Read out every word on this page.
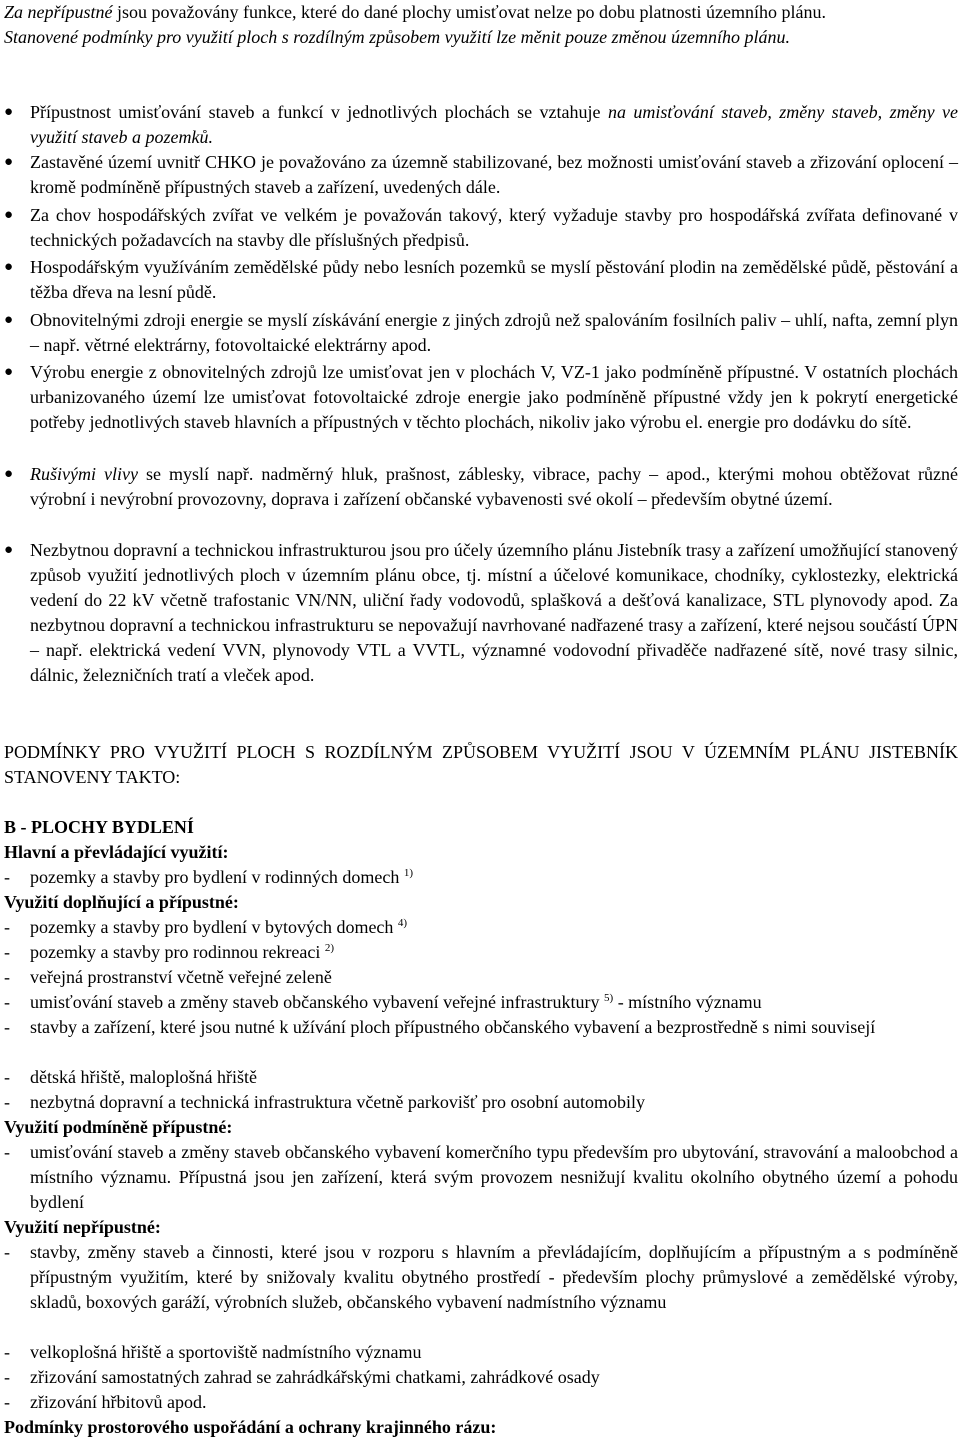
Za nepřípustné jsou považovány funkce, které do dané plochy umisťovat nelze po dobu platnosti územního plánu.
Stanovené podmínky pro využití ploch s rozdílným způsobem využití lze měnit pouze změnou územního plánu.
● Přípustnost umisťování staveb a funkcí v jednotlivých plochách se vztahuje na umisťování staveb, změny staveb, změny ve využití staveb a pozemků.
● Zastavěné území uvnitř CHKO je považováno za územně stabilizované, bez možnosti umisťování staveb a zřizování oplocení – kromě podmíněně přípustných staveb a zařízení, uvedených dále.
● Za chov hospodářských zvířat ve velkém je považován takový, který vyžaduje stavby pro hospodářská zvířata definované v technických požadavcích na stavby dle příslušných předpisů.
● Hospodářským využíváním zemědělské půdy nebo lesních pozemků se myslí pěstování plodin na zemědělské půdě, pěstování a těžba dřeva na lesní půdě.
● Obnovitelnými zdroji energie se myslí získávání energie z jiných zdrojů než spalováním fosilních paliv – uhlí, nafta, zemní plyn – např. větrné elektrárny, fotovoltaické elektrárny apod.
● Výrobu energie z obnovitelných zdrojů lze umisťovat jen v plochách V, VZ-1 jako podmíněně přípustné. V ostatních plochách urbanizovaného území lze umisťovat fotovoltaické zdroje energie jako podmíněně přípustné vždy jen k pokrytí energetické potřeby jednotlivých staveb hlavních a přípustných v těchto plochách, nikoliv jako výrobu el. energie pro dodávku do sítě.
● Rušivými vlivy se myslí např. nadměrný hluk, prašnost, záblesky, vibrace, pachy – apod., kterými mohou obtěžovat různé výrobní i nevýrobní provozovny, doprava i zařízení občanské vybavenosti své okolí – především obytné území.
● Nezbytnou dopravní a technickou infrastrukturou jsou pro účely územního plánu Jistebník trasy a zařízení umožňující stanovený způsob využití jednotlivých ploch v územním plánu obce, tj. místní a účelové komunikace, chodníky, cyklostezky, elektrická vedení do 22 kV včetně trafostanic VN/NN, uliční řady vodovodů, splašková a dešťová kanalizace, STL plynovody apod. Za nezbytnou dopravní a technickou infrastrukturu se nepovažují navrhované nadřazené trasy a zařízení, které nejsou součástí ÚPN – např. elektrická vedení VVN, plynovody VTL a VVTL, významné vodovodní přivaděče nadřazené sítě, nové trasy silnic, dálnic, železničních tratí a vleček apod.
PODMÍNKY PRO VYUŽITÍ PLOCH S ROZDÍLNÝM ZPŮSOBEM VYUŽITÍ JSOU V ÚZEMNÍM PLÁNU JISTEBNÍK STANOVENY TAKTO:
B - PLOCHY BYDLENÍ
Hlavní a převládající využití:
- pozemky a stavby pro bydlení v rodinných domech $^{1)}$
Využití doplňující a přípustné:
- pozemky a stavby pro bydlení v bytových domech $^{4)}$
- pozemky a stavby pro rodinnou rekreaci $^{2)}$
- veřejná prostranství včetně veřejné zeleně
- umisťování staveb a změny staveb občanského vybavení veřejné infrastruktury $^{5)}$ - místního významu
- stavby a zařízení, které jsou nutné k užívání ploch přípustného občanského vybavení a bezprostředně s nimi souvisejí
- dětská hřiště, maloplošná hřiště
- nezbytná dopravní a technická infrastruktura včetně parkovišť pro osobní automobily
Využití podmíněně přípustné:
- umisťování staveb a změny staveb občanského vybavení komerčního typu především pro ubytování, stravování a maloobchod a místního významu. Přípustná jsou jen zařízení, která svým provozem nesnižují kvalitu okolního obytného území a pohodu bydlení
Využití nepřípustné:
- stavby, změny staveb a činnosti, které jsou v rozporu s hlavním a převládajícím, doplňujícím a přípustným a s podmíněně přípustným využitím, které by snižovaly kvalitu obytného prostředí - především plochy průmyslové a zemědělské výroby, skladů, boxových garáží, výrobních služeb, občanského vybavení nadmístního významu
- velkoplošná hřiště a sportoviště nadmístního významu
- zřizování samostatných zahrad se zahrádkářskými chatkami, zahrádkové osady
- zřizování hřbitovů apod.
Podmínky prostorového uspořádání a ochrany krajinného rázu:
